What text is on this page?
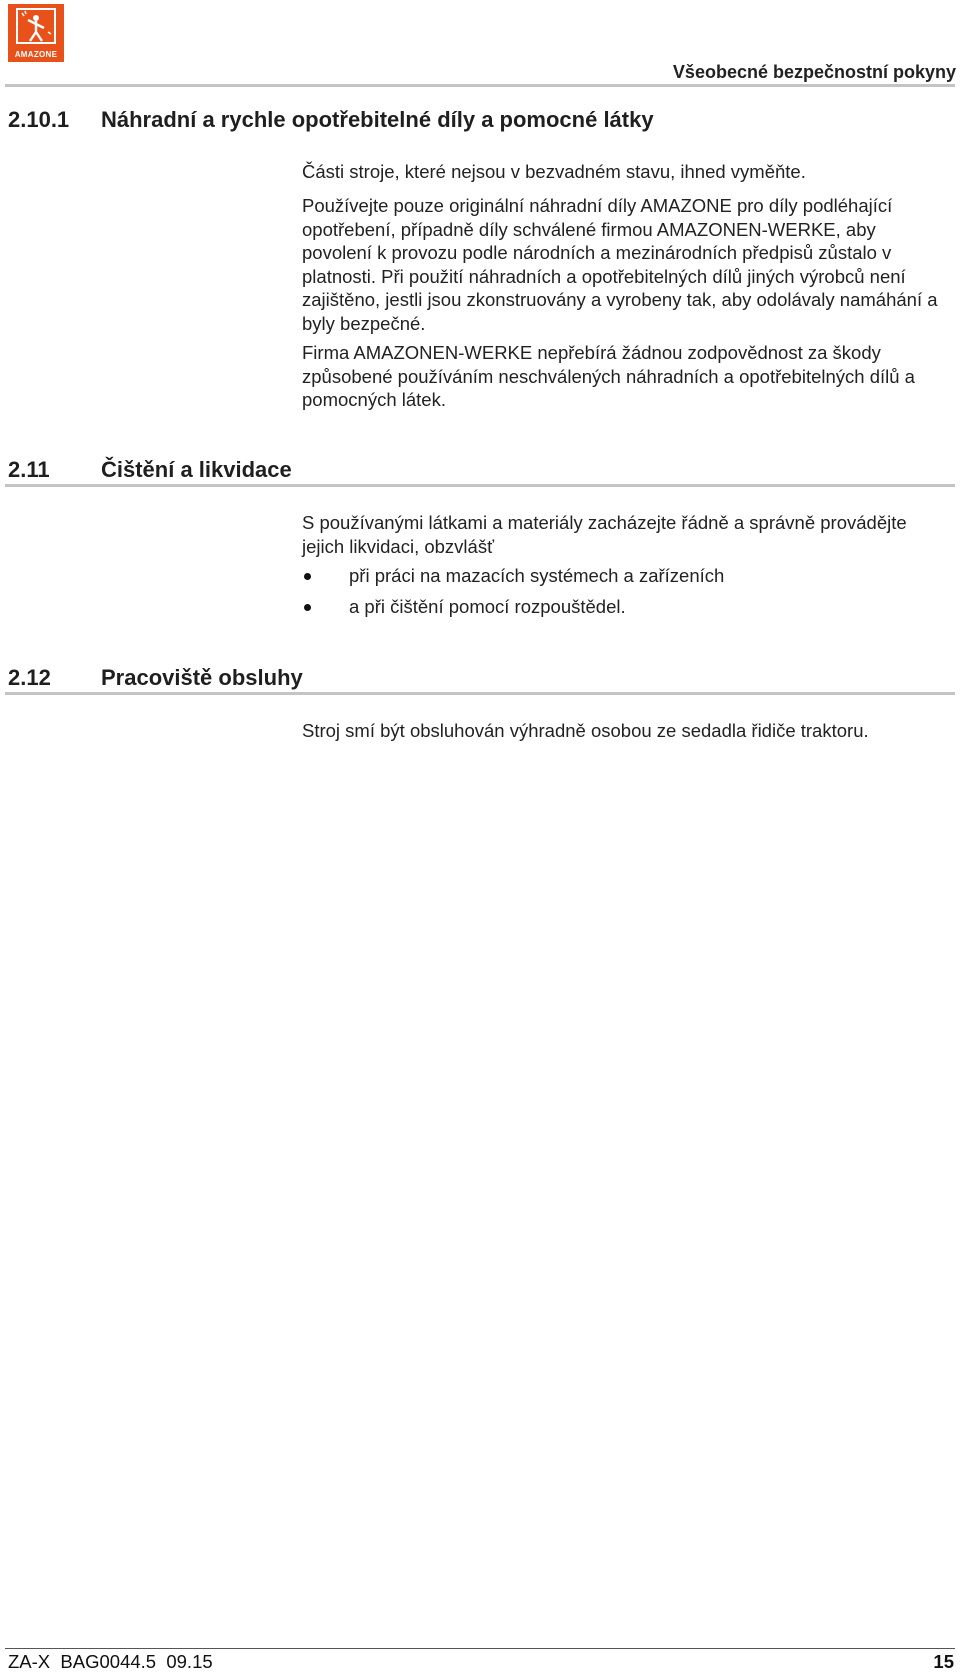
AMAZONE
Všeobecné bezpečnostní pokyny
2.10.1 Náhradní a rychle opotřebitelné díly a pomocné látky

Části stroje, které nejsou v bezvadném stavu, ihned vyměňte.

Používejte pouze originální náhradní díly AMAZONE pro díly podléhající opotřebení, případně díly schválené firmou AMAZONEN-WERKE, aby povolení k provozu podle národních a mezinárodních předpisů zůstalo v platnosti. Při použití náhradních a opotřebitelných dílů jiných výrobců není zajištěno, jestli jsou zkonstruovány a vyrobeny tak, aby odolávaly namáhání a byly bezpečné.

Firma AMAZONEN-WERKE nepřebírá žádnou zodpovědnost za škody způsobené používáním neschválených náhradních a opotřebitelných dílů a pomocných látek.

2.11 Čištění a likvidace

S používanými látkami a materiály zacházejte řádně a správně provádějte jejich likvidaci, obzvlášť

při práci na mazacích systémech a zařízeních
a při čištění pomocí rozpouštědel.
2.12 Pracoviště obsluhy

Stroj smí být obsluhován výhradně osobou ze sedadla řidiče traktoru.

ZA-X  BAG0044.5  09.15	15
